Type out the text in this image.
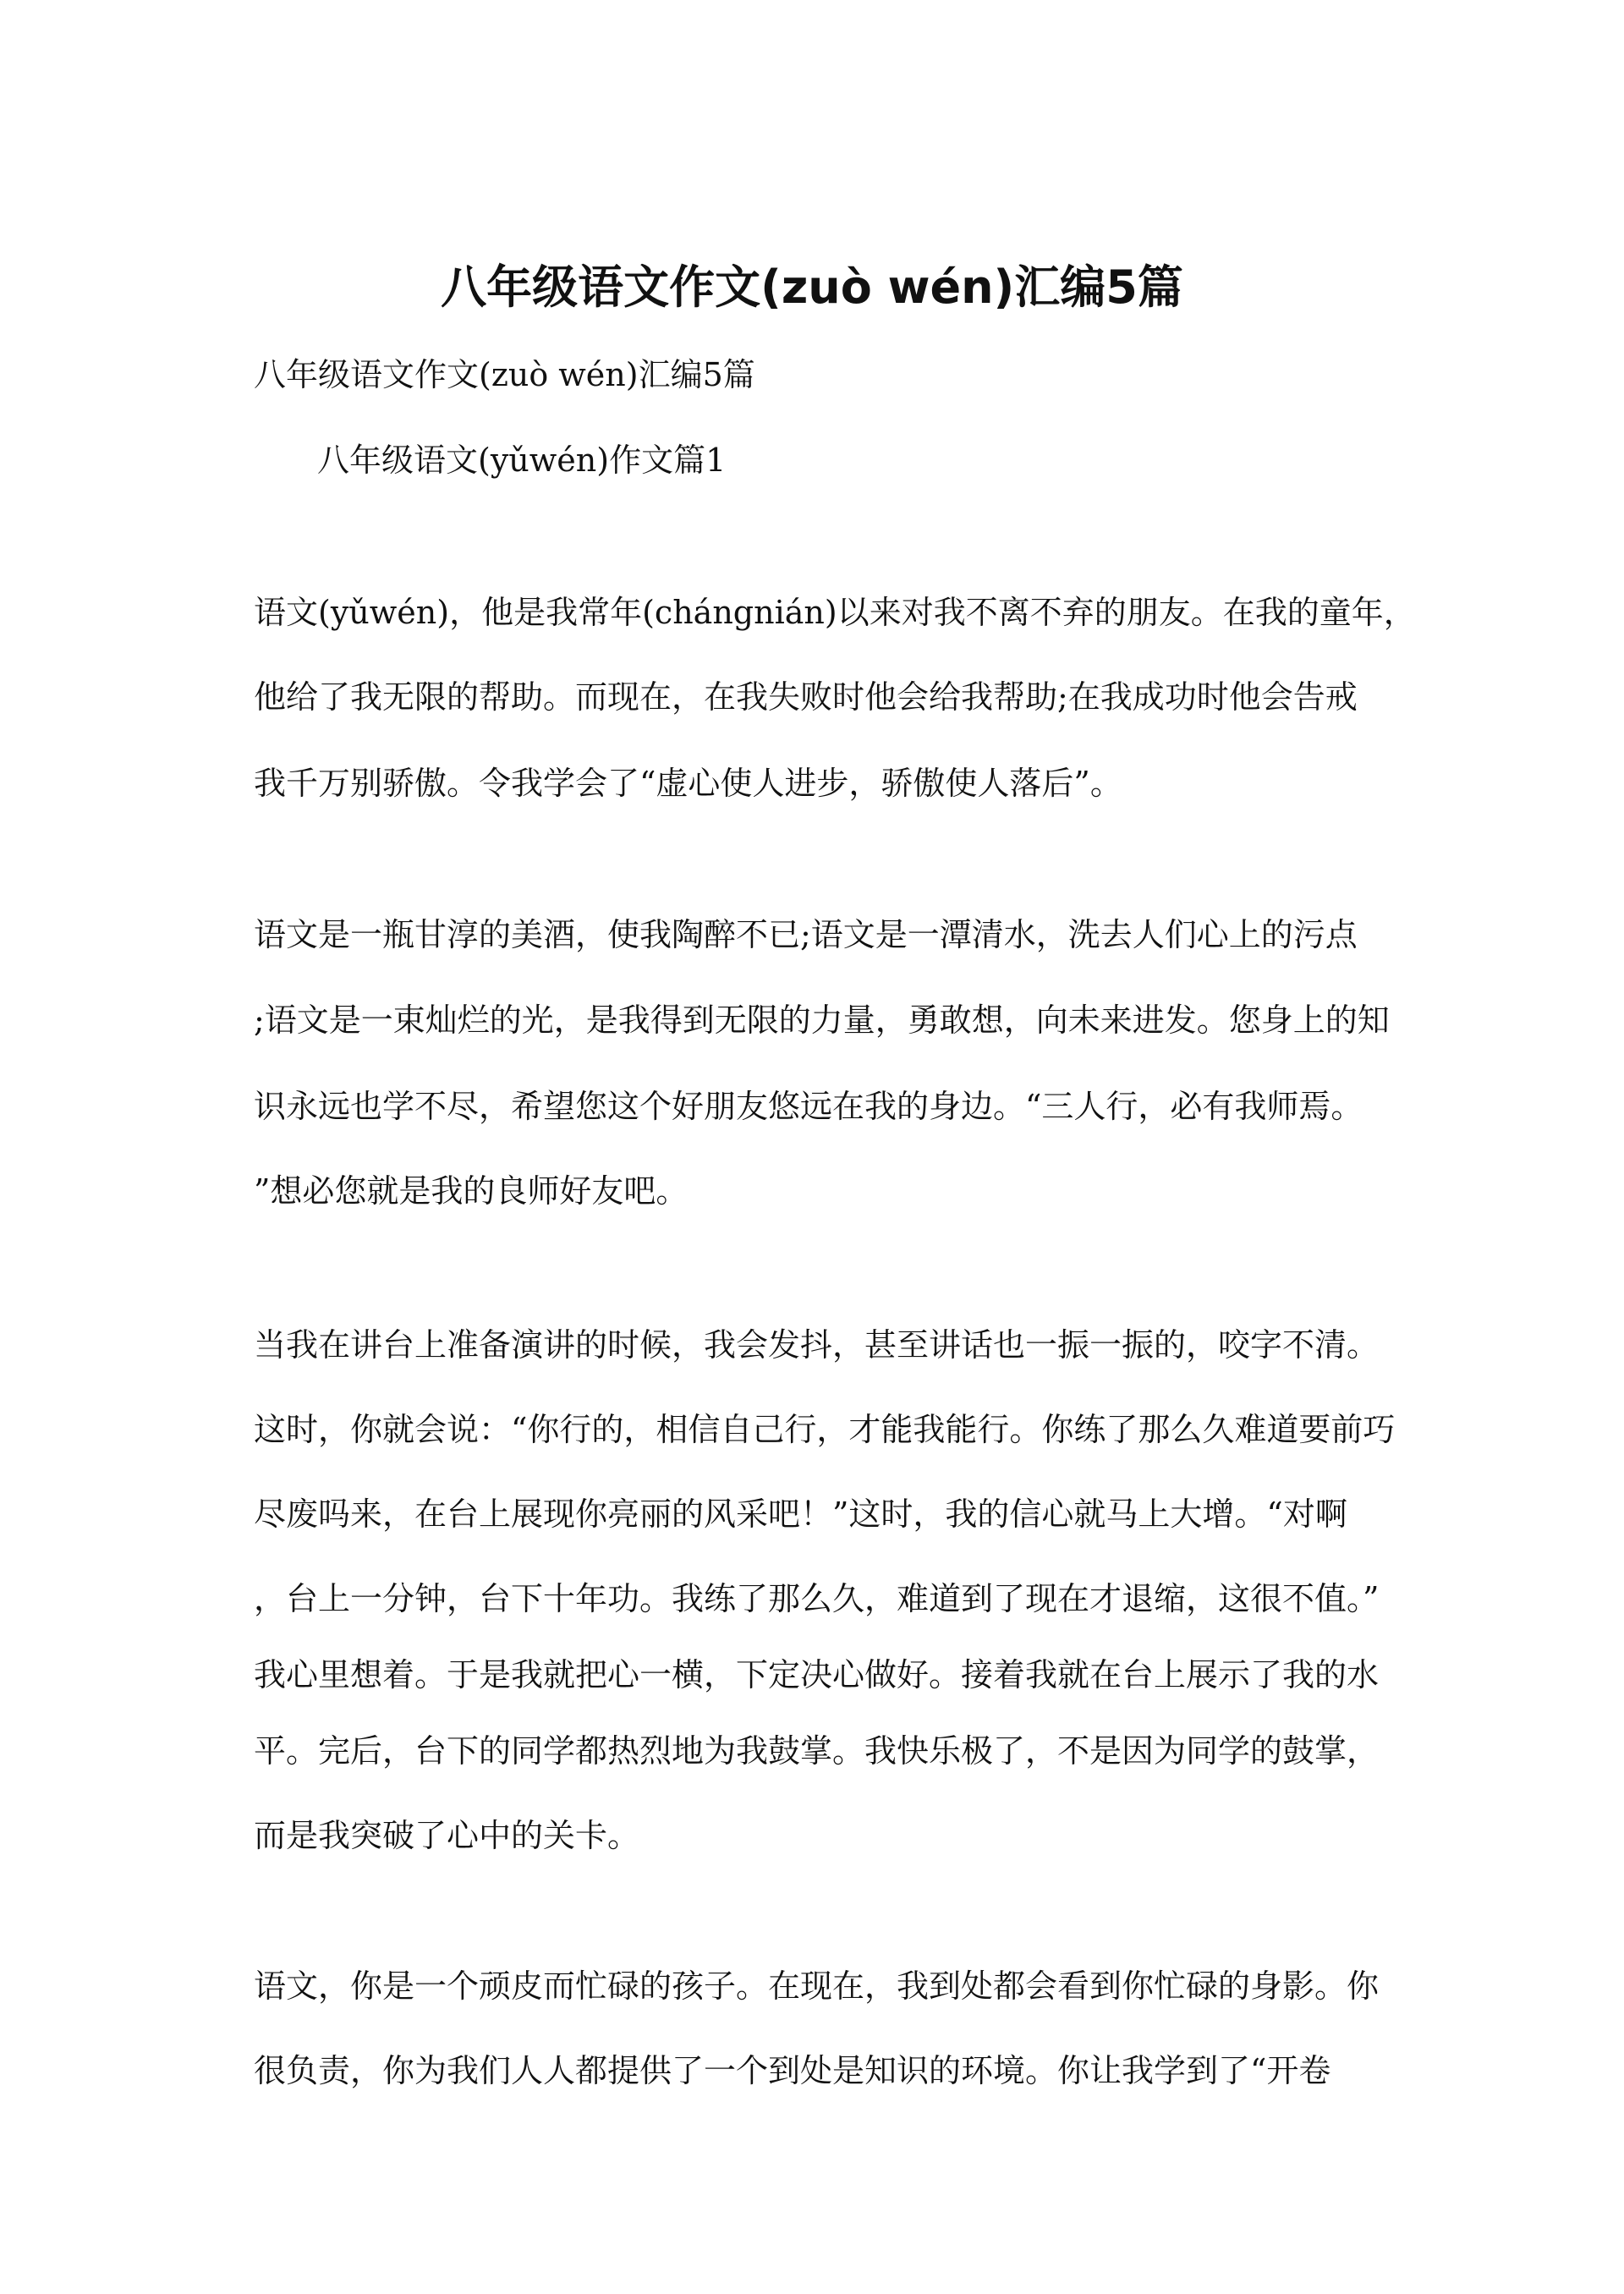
八年级语文作文(zuò wén)汇编5篇
八年级语文作文(zuò wén)汇编5篇
八年级语文(yǔwén)作文篇1
语文(yǔwén)，他是我常年(chángnián)以来对我不离不弃的朋友。在我的童年，
他给了我无限的帮助。而现在，在我失败时他会给我帮助;在我成功时他会告戒
我千万别骄傲。令我学会了“虚心使人进步，骄傲使人落后”。
语文是一瓶甘淳的美酒，使我陶醉不已;语文是一潭清水，洗去人们心上的污点
;语文是一束灿烂的光，是我得到无限的力量，勇敢想，向未来进发。您身上的知
识永远也学不尽，希望您这个好朋友悠远在我的身边。“三人行，必有我师焉。
”想必您就是我的良师好友吧。
当我在讲台上准备演讲的时候，我会发抖，甚至讲话也一振一振的，咬字不清。
这时，你就会说：“你行的，相信自己行，才能我能行。你练了那么久难道要前巧
尽废吗来，在台上展现你亮丽的风采吧！”这时，我的信心就马上大增。“对啊
，台上一分钟，台下十年功。我练了那么久，难道到了现在才退缩，这很不值。”
我心里想着。于是我就把心一横，下定决心做好。接着我就在台上展示了我的水
平。完后，台下的同学都热烈地为我鼓掌。我快乐极了，不是因为同学的鼓掌，
而是我突破了心中的关卡。
语文，你是一个顽皮而忙碌的孩子。在现在，我到处都会看到你忙碌的身影。你
很负责，你为我们人人都提供了一个到处是知识的环境。你让我学到了“开卷
